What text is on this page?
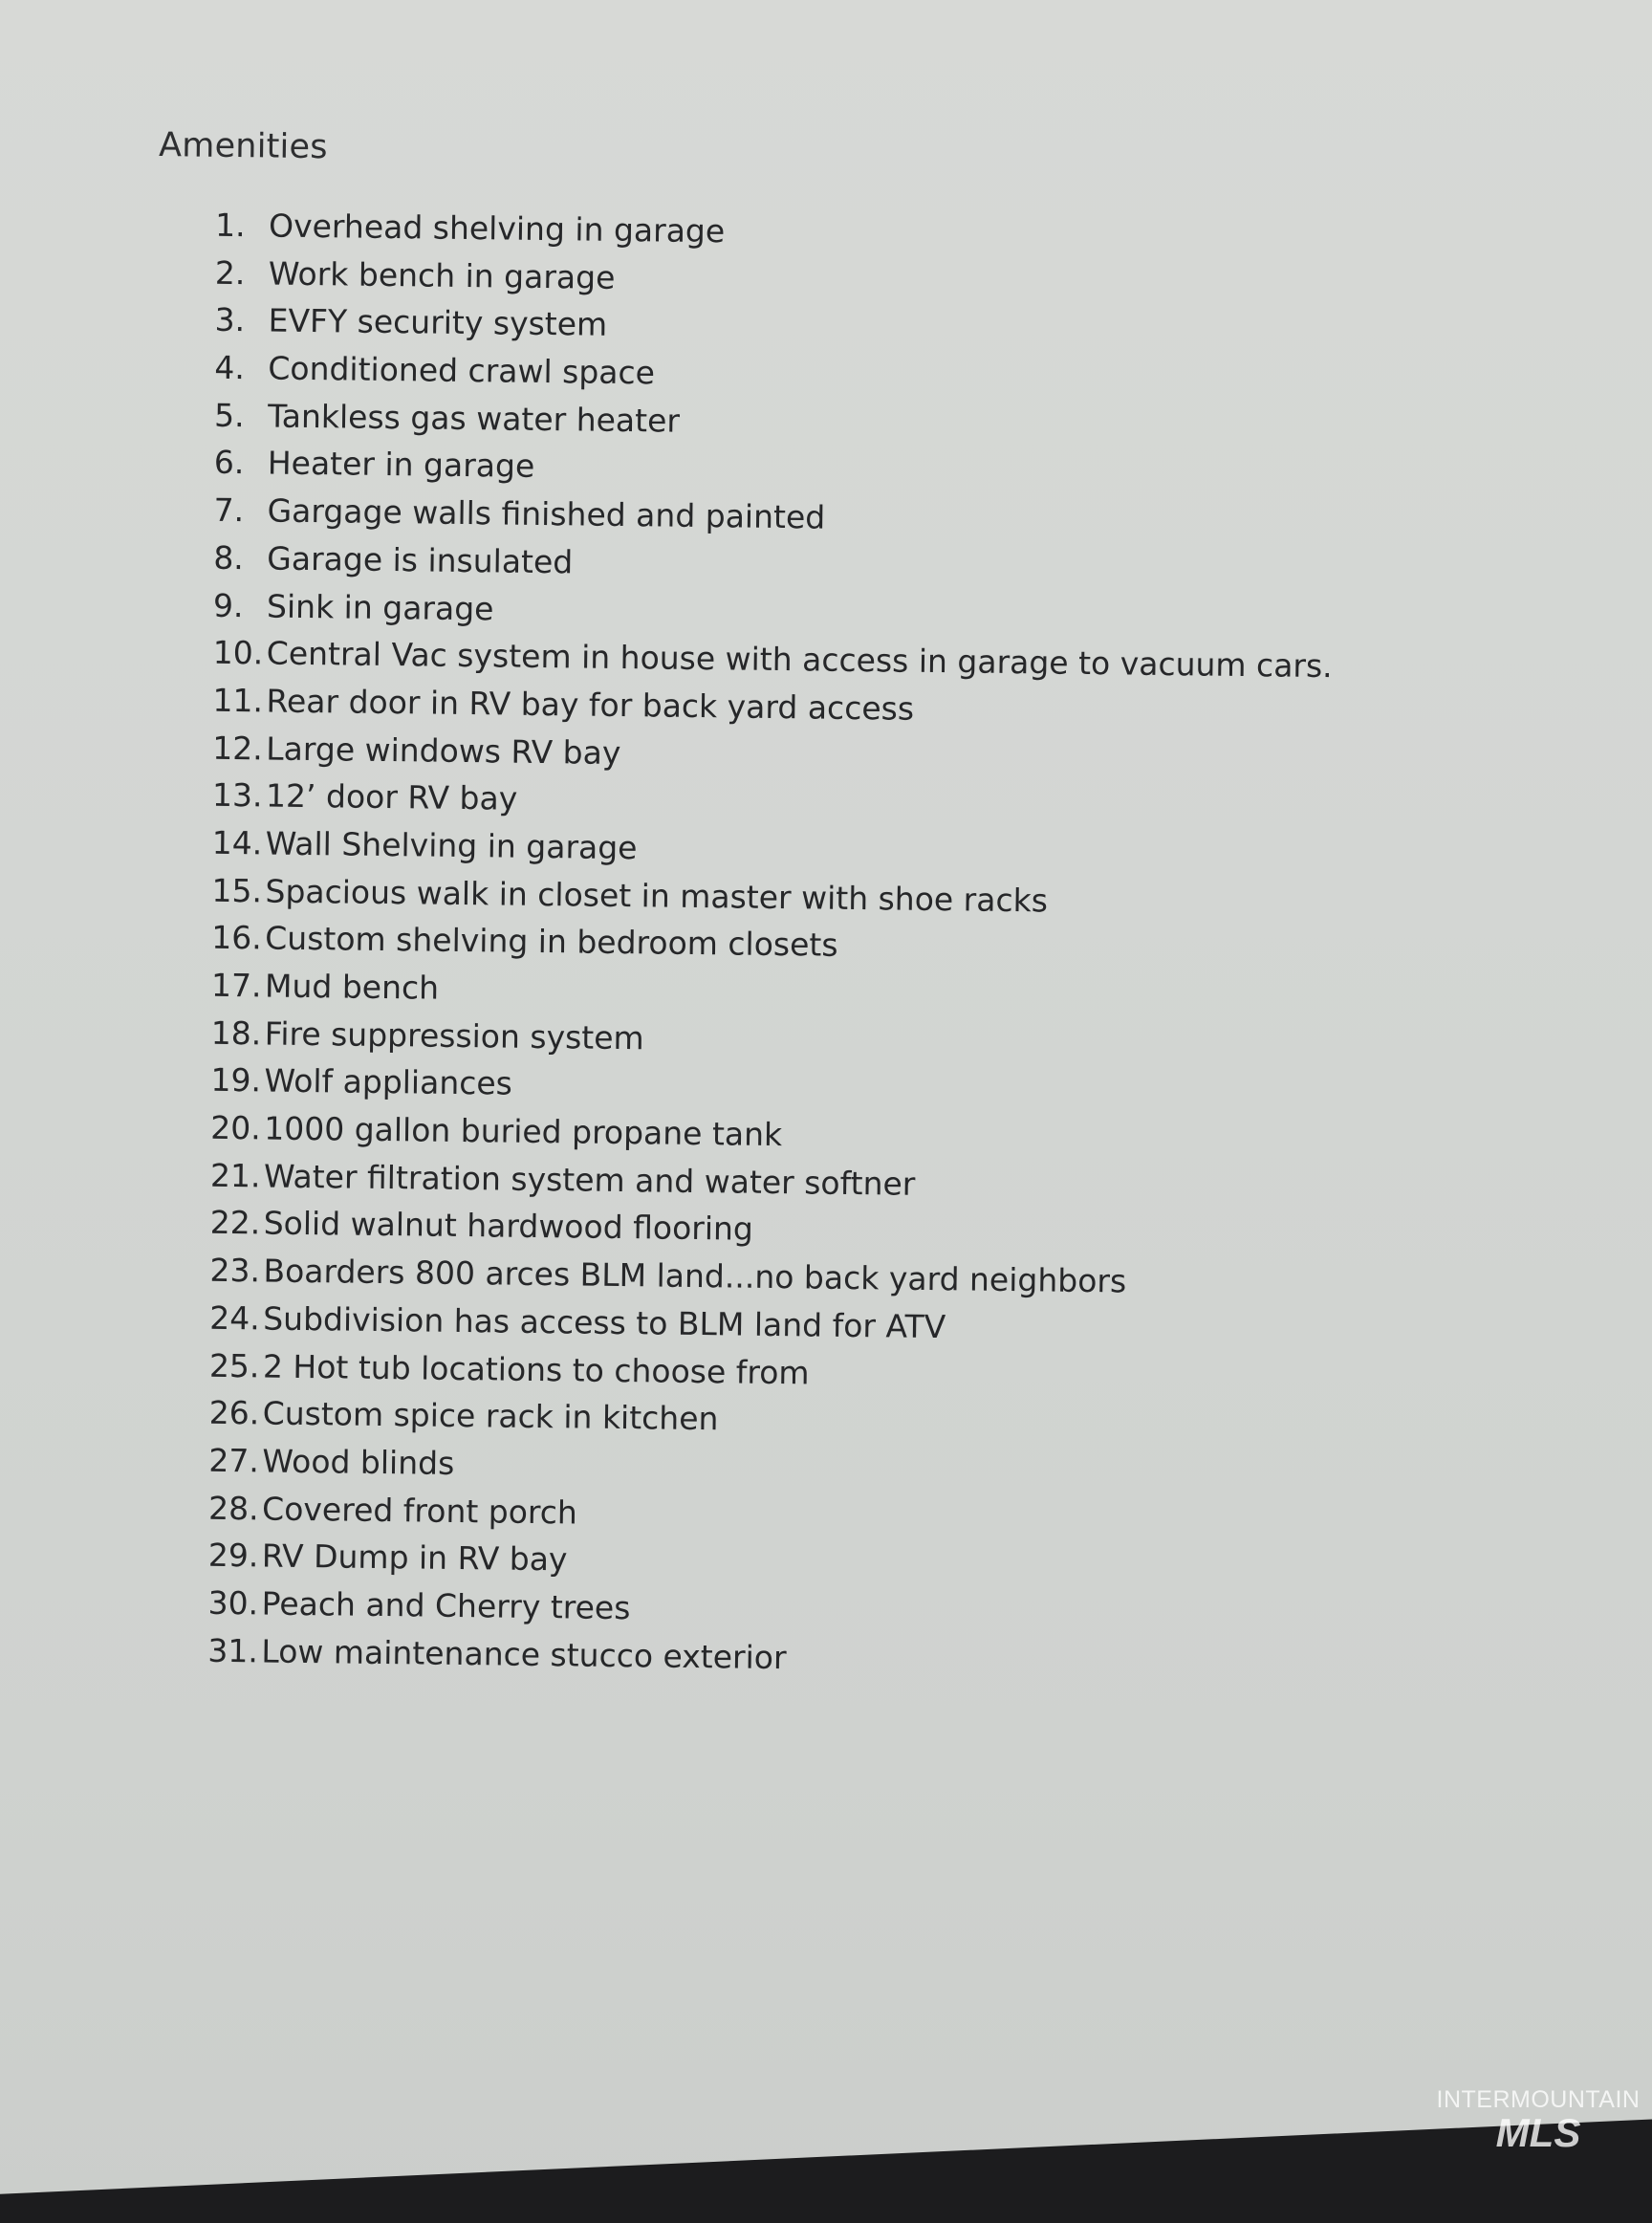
Amenities
1. Overhead shelving in garage
2. Work bench in garage
3. EVFY security system
4. Conditioned crawl space
5. Tankless gas water heater
6. Heater in garage
7. Gargage walls finished and painted
8. Garage is insulated
9. Sink in garage
10. Central Vac system in house with access in garage to vacuum cars.
11. Rear door in RV bay for back yard access
12. Large windows RV bay
13. 12’ door RV bay
14. Wall Shelving in garage
15. Spacious walk in closet in master with shoe racks
16. Custom shelving in bedroom closets
17. Mud bench
18. Fire suppression system
19. Wolf appliances
20. 1000 gallon buried propane tank
21. Water filtration system and water softner
22. Solid walnut hardwood flooring
23. Boarders 800 arces BLM land...no back yard neighbors
24. Subdivision has access to BLM land for ATV
25. 2 Hot tub locations to choose from
26. Custom spice rack in kitchen
27. Wood blinds
28. Covered front porch
29. RV Dump in RV bay
30. Peach and Cherry trees
31. Low maintenance stucco exterior
INTERMOUNTAIN
MLS
